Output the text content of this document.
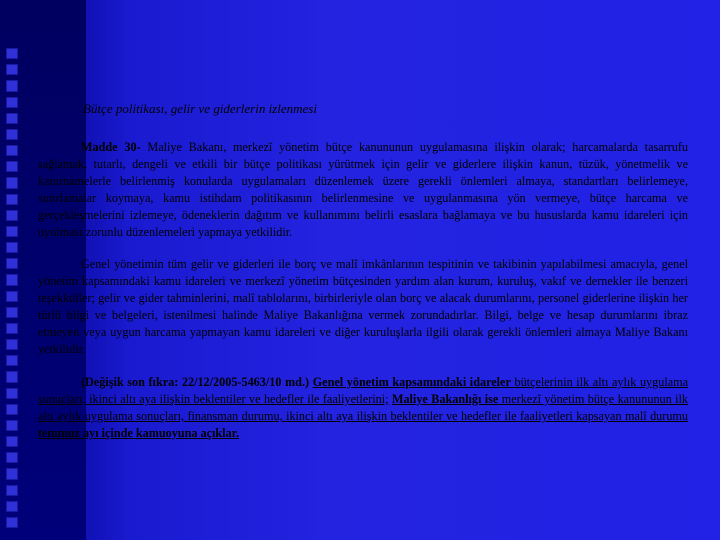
Bütçe politikası, gelir ve giderlerin izlenmesi

Madde 30- Maliye Bakanı, merkezî yönetim bütçe kanununun uygulamasına ilişkin olarak; harcamalarda tasarrufu sağlamak, tutarlı, dengeli ve etkili bir bütçe politikası yürütmek için gelir ve giderlere ilişkin kanun, tüzük, yönetmelik ve kararnamelerle belirlenmiş konularda uygulamaları düzenlemek üzere gerekli önlemleri almaya, standartları belirlemeye, sınırlamalar koymaya, kamu istihdam politikasının belirlenmesine ve uygulanmasına yön vermeye, bütçe harcama ve gerçekleşmelerini izlemeye, ödeneklerin dağıtım ve kullanımını belirli esaslara bağlamaya ve bu hususlarda kamu idareleri için uyulması zorunlu düzenlemeleri yapmaya yetkilidir.

Genel yönetimin tüm gelir ve giderleri ile borç ve malî imkânlarının tespitinin ve takibinin yapılabilmesi amacıyla, genel yönetim kapsamındaki kamu idareleri ve merkezî yönetim bütçesinden yardım alan kurum, kuruluş, vakıf ve dernekler ile benzeri teşekküller; gelir ve gider tahminlerini, malî tablolarını, birbirleriyle olan borç ve alacak durumlarını, personel giderlerine ilişkin her türlü bilgi ve belgeleri, istenilmesi halinde Maliye Bakanlığına vermek zorundadırlar. Bilgi, belge ve hesap durumlarını ibraz etmeyen veya uygun harcama yapmayan kamu idareleri ve diğer kuruluşlarla ilgili olarak gerekli önlemleri almaya Maliye Bakanı yetkilidir.

(Değişik son fıkra: 22/12/2005-5463/10 md.) Genel yönetim kapsamındaki idareler bütçelerinin ilk altı aylık uygulama sonuçları, ikinci altı aya ilişkin beklentiler ve hedefler ile faaliyetlerini; Maliye Bakanlığı ise merkezî yönetim bütçe kanununun ilk altı aylık uygulama sonuçları, finansman durumu, ikinci altı aya ilişkin beklentiler ve hedefler ile faaliyetleri kapsayan malî durumu temmuz ayı içinde kamuoyuna açıklar.
